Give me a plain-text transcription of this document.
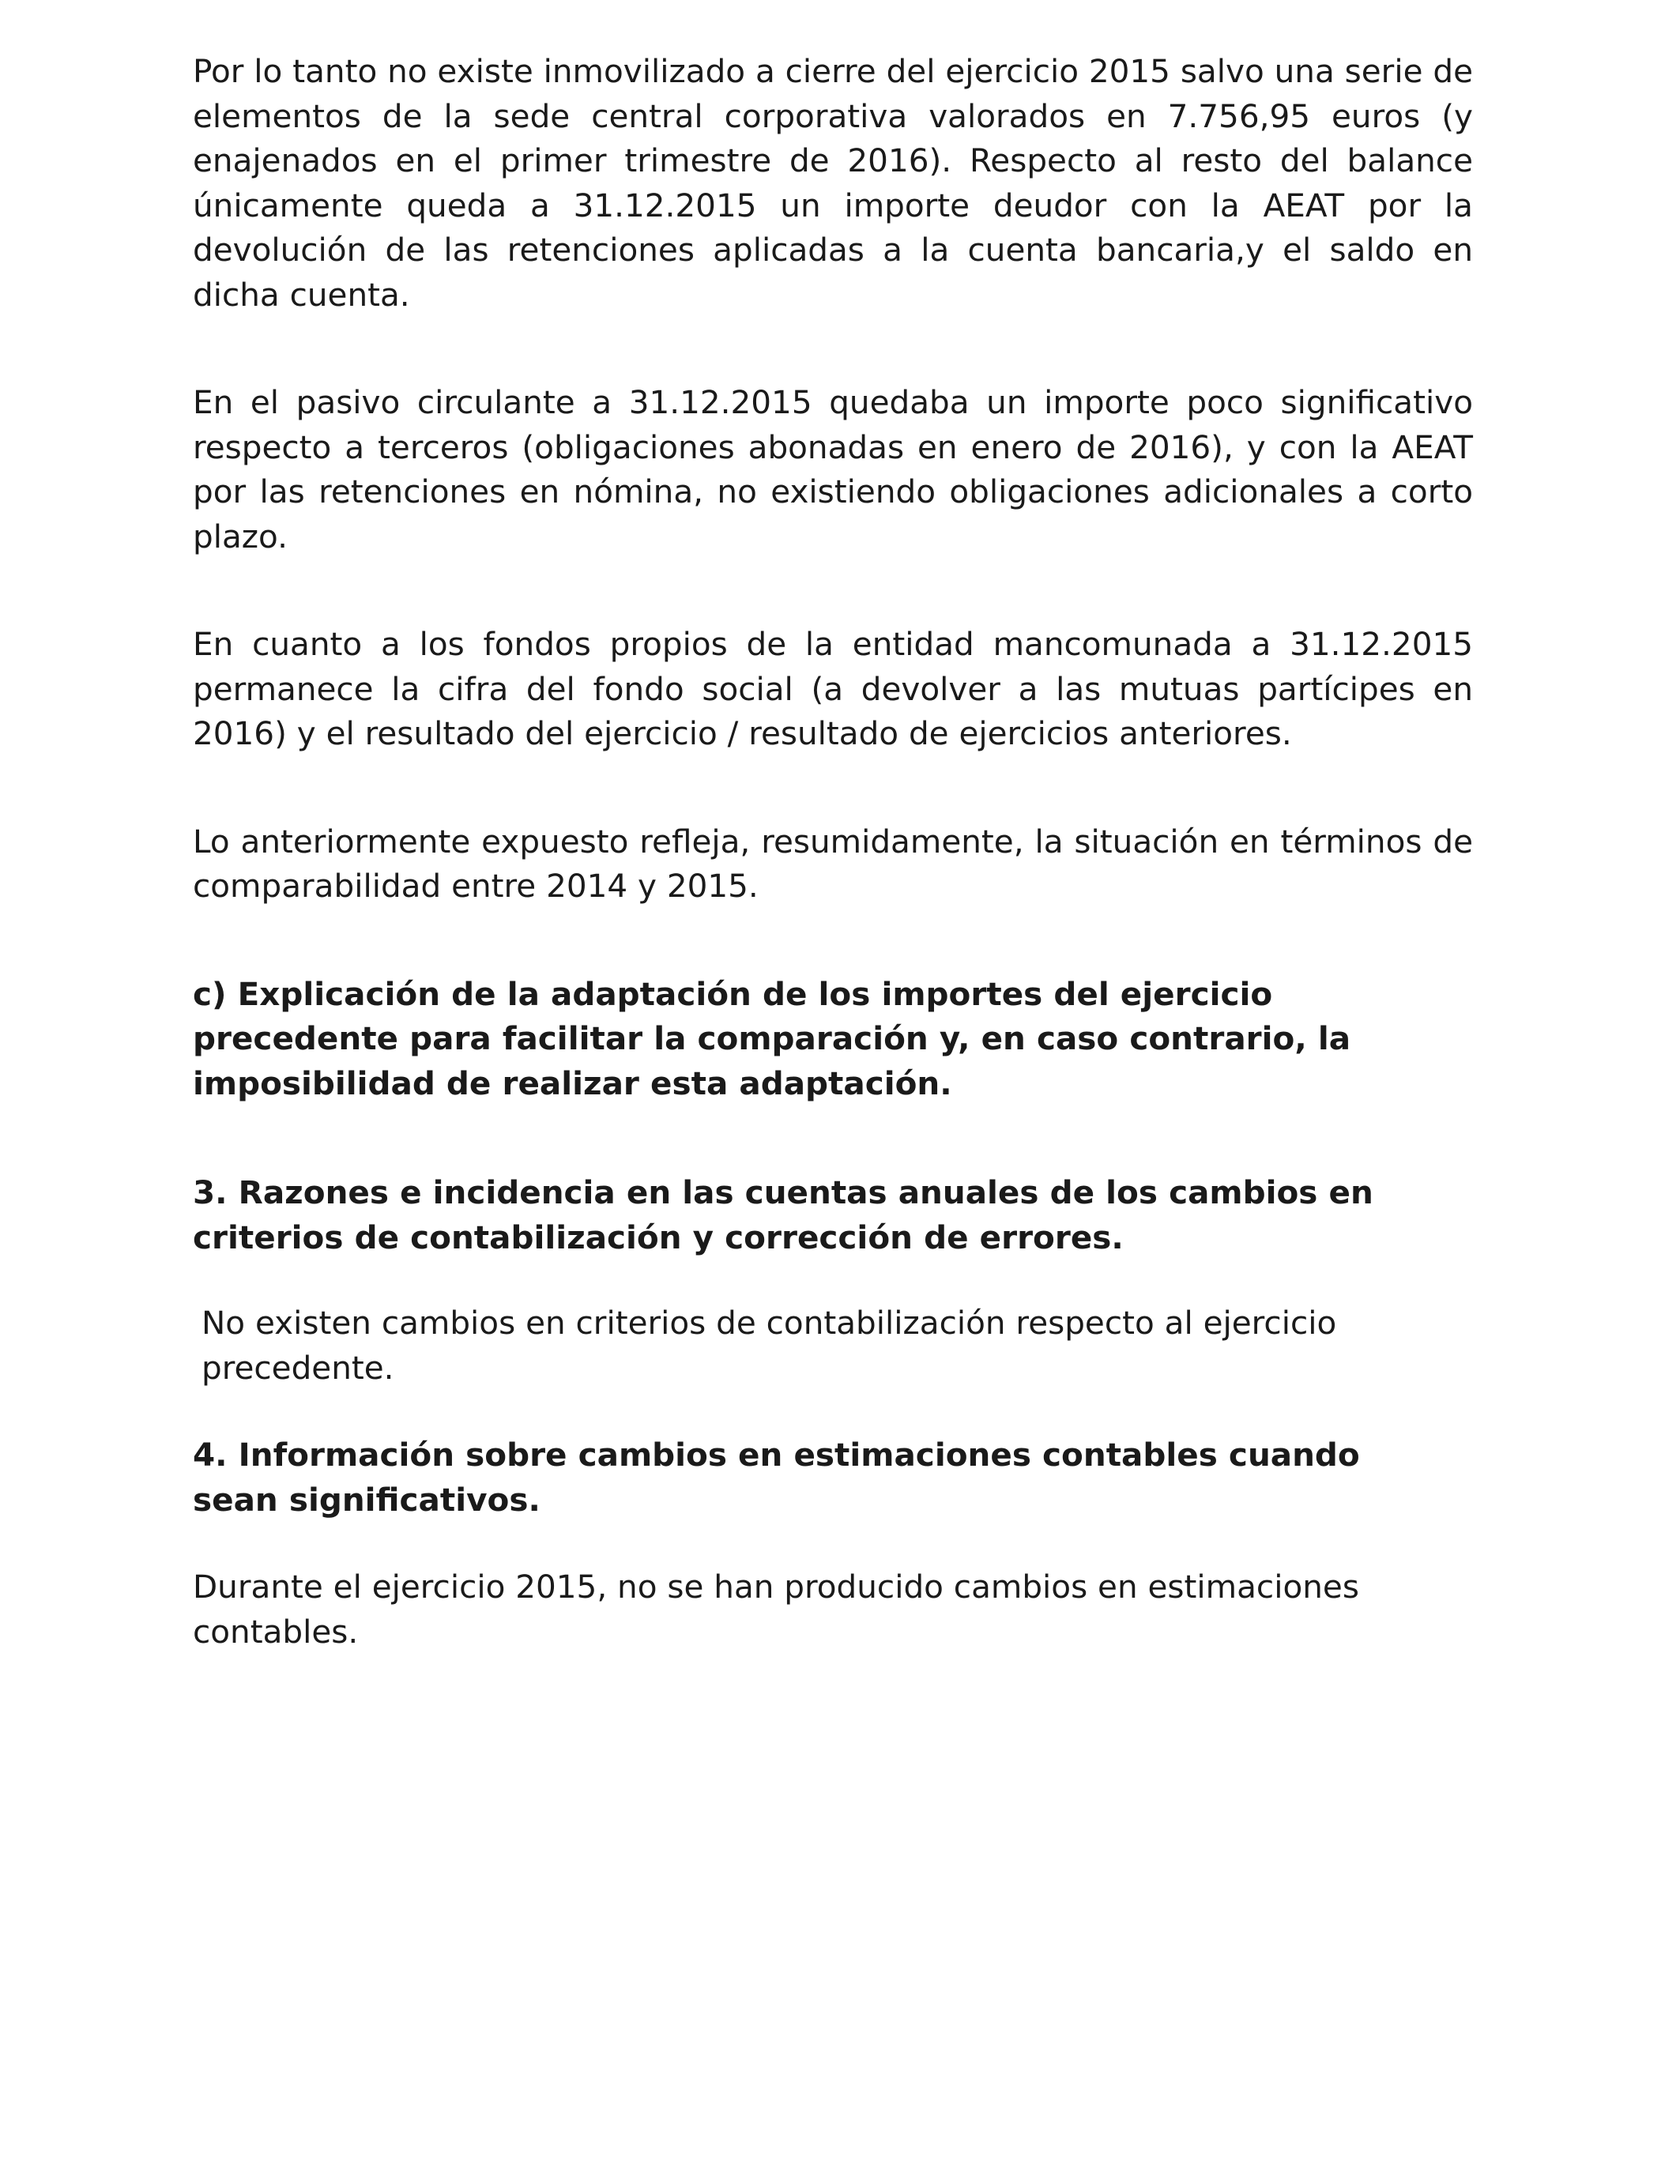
Por lo tanto no existe inmovilizado a cierre del ejercicio 2015 salvo una serie de elementos de la sede central corporativa valorados en 7.756,95 euros (y enajenados en el primer trimestre de 2016). Respecto al resto del balance únicamente queda a 31.12.2015 un importe deudor con la AEAT por la devolución de las retenciones aplicadas a la cuenta bancaria,y el saldo en dicha cuenta.

En el pasivo circulante a 31.12.2015 quedaba un importe poco significativo respecto a terceros (obligaciones abonadas en enero de 2016), y con la AEAT por las retenciones en nómina, no existiendo obligaciones adicionales a corto plazo.

En cuanto a los fondos propios de la entidad mancomunada a 31.12.2015 permanece la cifra del fondo social (a devolver a las mutuas partícipes en 2016) y el resultado del ejercicio / resultado de ejercicios anteriores.

Lo anteriormente expuesto refleja, resumidamente, la situación en términos de comparabilidad entre 2014 y 2015.

c) Explicación de la adaptación de los importes del ejercicio precedente para facilitar la comparación y, en caso contrario, la imposibilidad de realizar esta adaptación.
3. Razones e incidencia en las cuentas anuales de los cambios en criterios de contabilización y corrección de errores.

No existen cambios en criterios de contabilización respecto al ejercicio precedente.

4. Información sobre cambios en estimaciones contables cuando sean significativos.

Durante el ejercicio 2015, no se han producido cambios en estimaciones contables.
